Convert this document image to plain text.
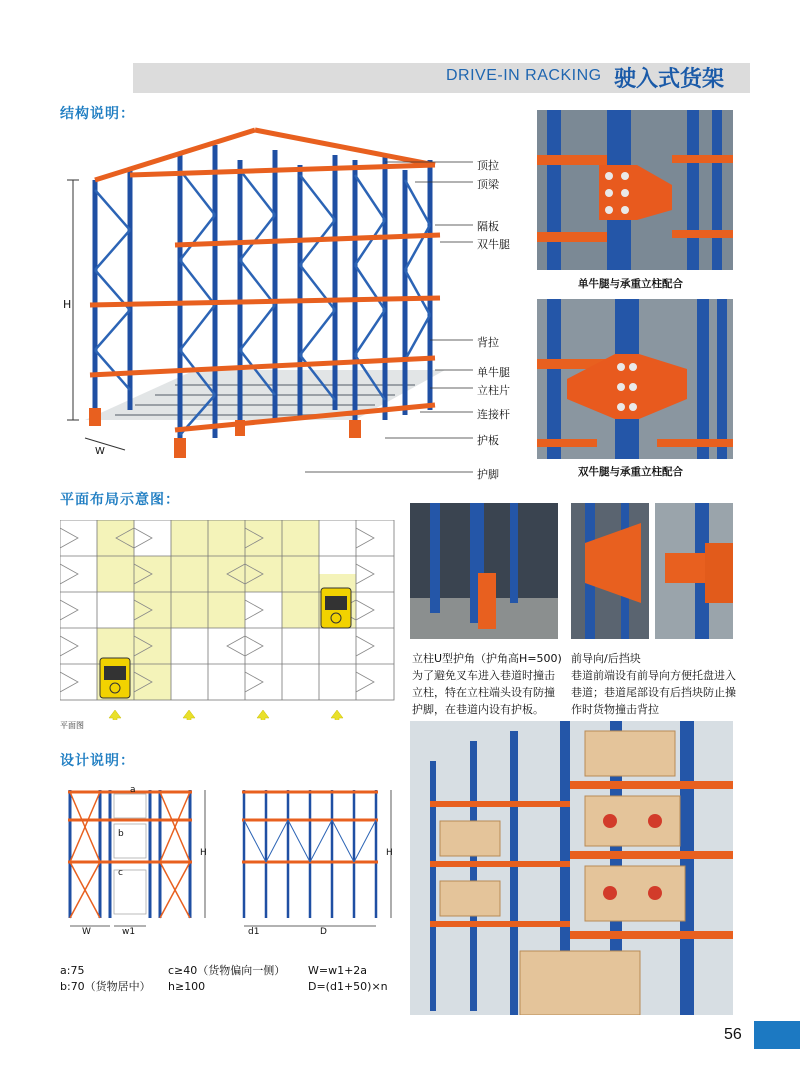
DRIVE-IN RACKING 驶入式货架
结构说明：
平面布局示意图：
设计说明：
H
W
顶拉
顶梁
隔板
双牛腿
背拉
单牛腿
立柱片
连接杆
护板
护脚
单牛腿与承重立柱配合
双牛腿与承重立柱配合
平面图
立柱U型护角（护角高H=500)
为了避免叉车进入巷道时撞击立柱，特在立柱端头设有防撞护脚，在巷道内设有护板。
前导向/后挡块
巷道前端设有前导向方便托盘进入巷道；巷道尾部设有后挡块防止操作时货物撞击背拉
a
b
c
W	w1
H
d1	D
H
a:75
b:70（货物居中）
c≥40（货物偏向一侧）
h≥100
W=w1+2a
D=(d1+50)×n
56
